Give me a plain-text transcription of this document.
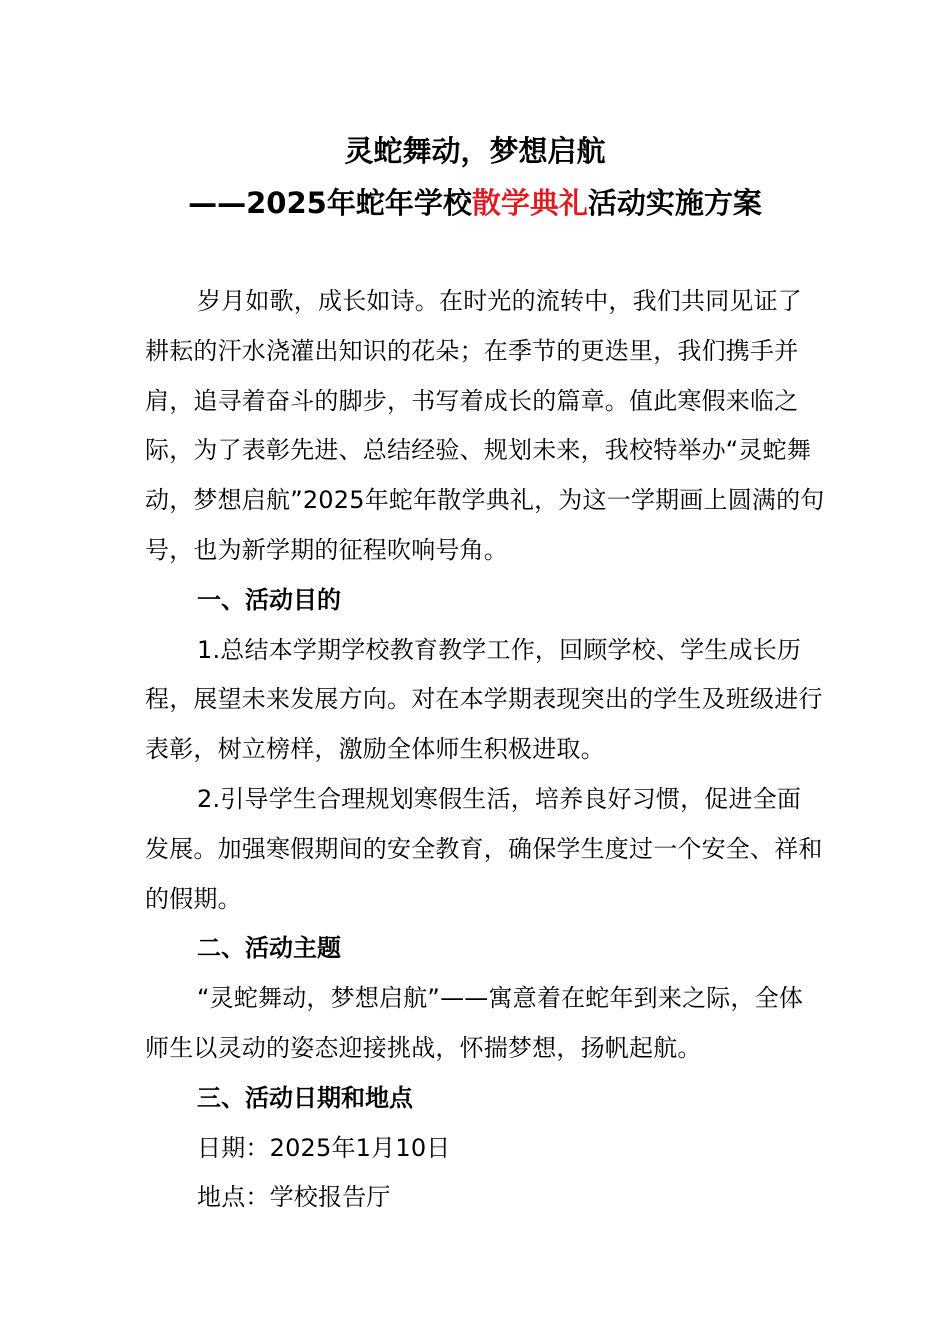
灵蛇舞动，梦想启航
——2025年蛇年学校散学典礼活动实施方案

岁月如歌，成长如诗。在时光的流转中，我们共同见证了耕耘的汗水浇灌出知识的花朵；在季节的更迭里，我们携手并肩，追寻着奋斗的脚步，书写着成长的篇章。值此寒假来临之际，为了表彰先进、总结经验、规划未来，我校特举办“灵蛇舞动，梦想启航”2025年蛇年散学典礼，为这一学期画上圆满的句号，也为新学期的征程吹响号角。

一、活动目的

1.总结本学期学校教育教学工作，回顾学校、学生成长历程，展望未来发展方向。对在本学期表现突出的学生及班级进行表彰，树立榜样，激励全体师生积极进取。

2.引导学生合理规划寒假生活，培养良好习惯，促进全面发展。加强寒假期间的安全教育，确保学生度过一个安全、祥和的假期。

二、活动主题

“灵蛇舞动，梦想启航”——寓意着在蛇年到来之际，全体师生以灵动的姿态迎接挑战，怀揣梦想，扬帆起航。

三、活动日期和地点

日期：2025年1月10日

地点：学校报告厅
